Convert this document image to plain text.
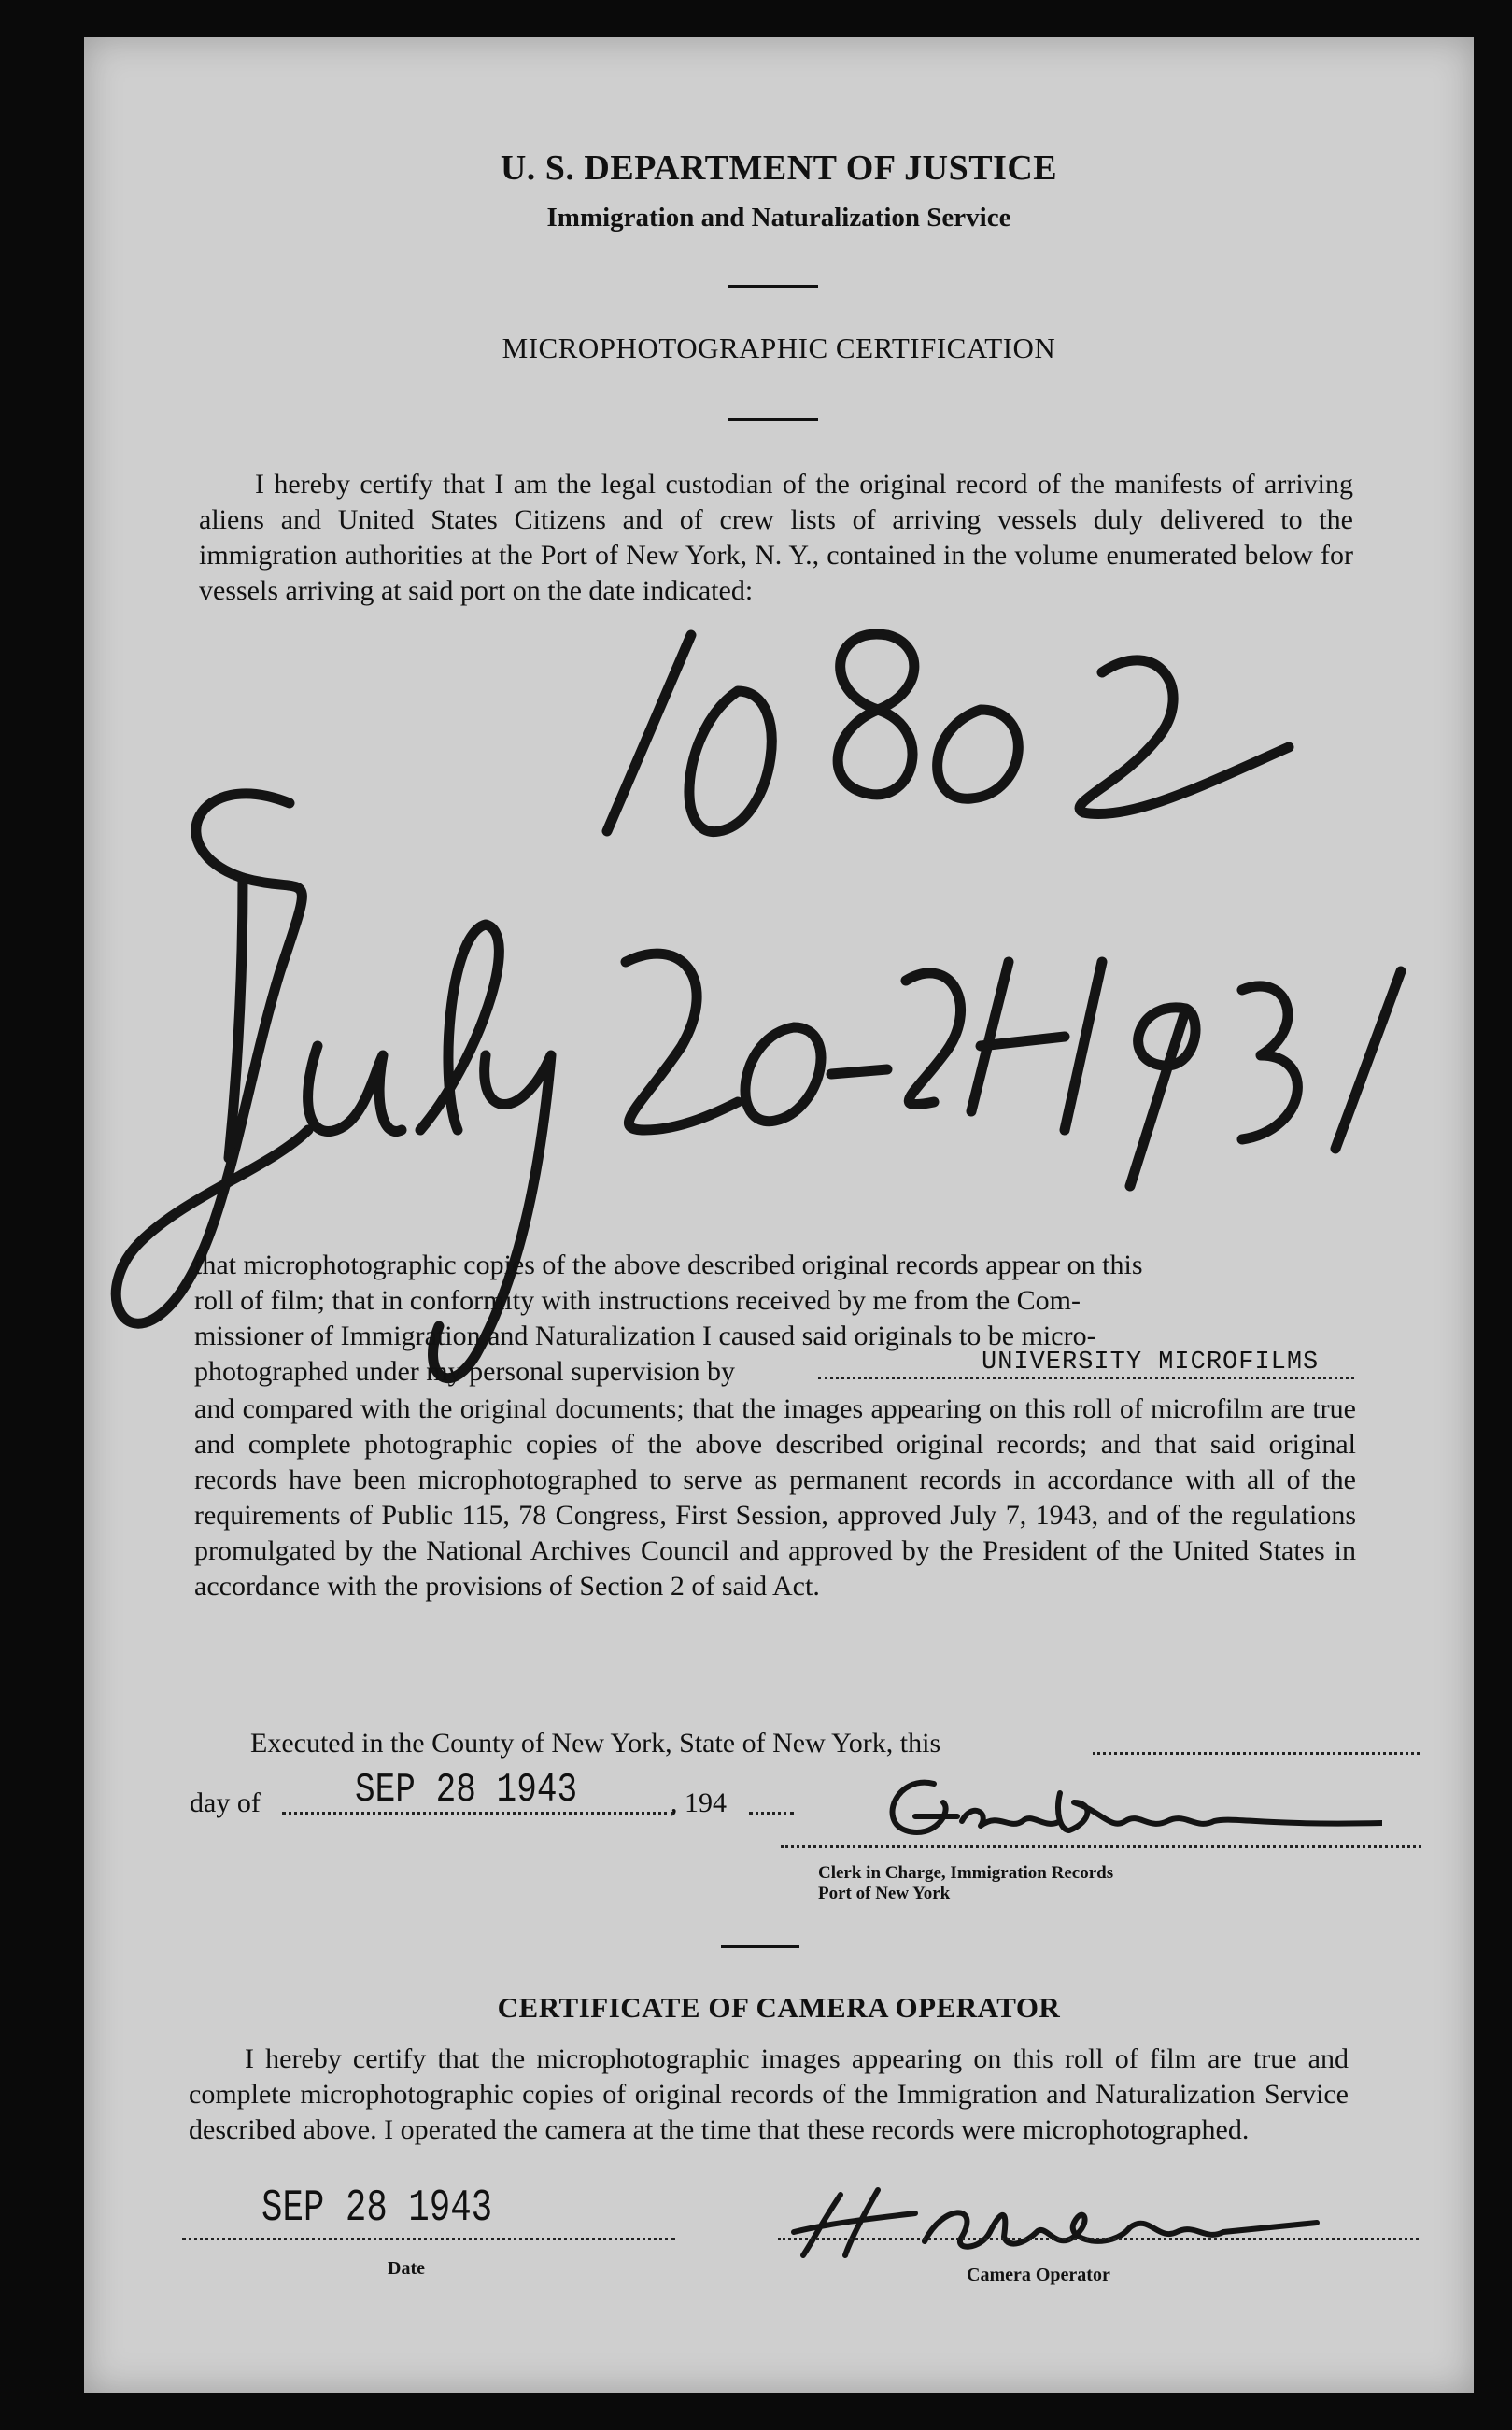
U. S. DEPARTMENT OF JUSTICE
Immigration and Naturalization Service
MICROPHOTOGRAPHIC CERTIFICATION
I hereby certify that I am the legal custodian of the original record of the manifests of arriving aliens and United States Citizens and of crew lists of arriving vessels duly delivered to the immigration authorities at the Port of New York, N. Y., contained in the volume enumerated below for vessels arriving at said port on the date indicated:
that microphotographic copies of the above described original records appear on this
roll of film; that in conformity with instructions received by me from the Com-
missioner of Immigration and Naturalization I caused said originals to be micro-
photographed under my personal supervision by	UNIVERSITY MICROFILMS
and compared with the original documents; that the images appearing on this roll of microfilm are true and complete photographic copies of the above described original records; and that said original records have been microphotographed to serve as permanent records in accordance with all of the requirements of Public 115, 78 Congress, First Session, approved July 7, 1943, and of the regulations promulgated by the National Archives Council and approved by the President of the United States in accordance with the provisions of Section 2 of said Act.
Executed in the County of New York, State of New York, this
day of SEP 28 1943	, 194
Clerk in Charge, Immigration Records
Port of New York
CERTIFICATE OF CAMERA OPERATOR
I hereby certify that the microphotographic images appearing on this roll of film are true and complete microphotographic copies of original records of the Immigration and Naturalization Service described above. I operated the camera at the time that these records were microphotographed.
SEP 28 1943
Date	Camera Operator
